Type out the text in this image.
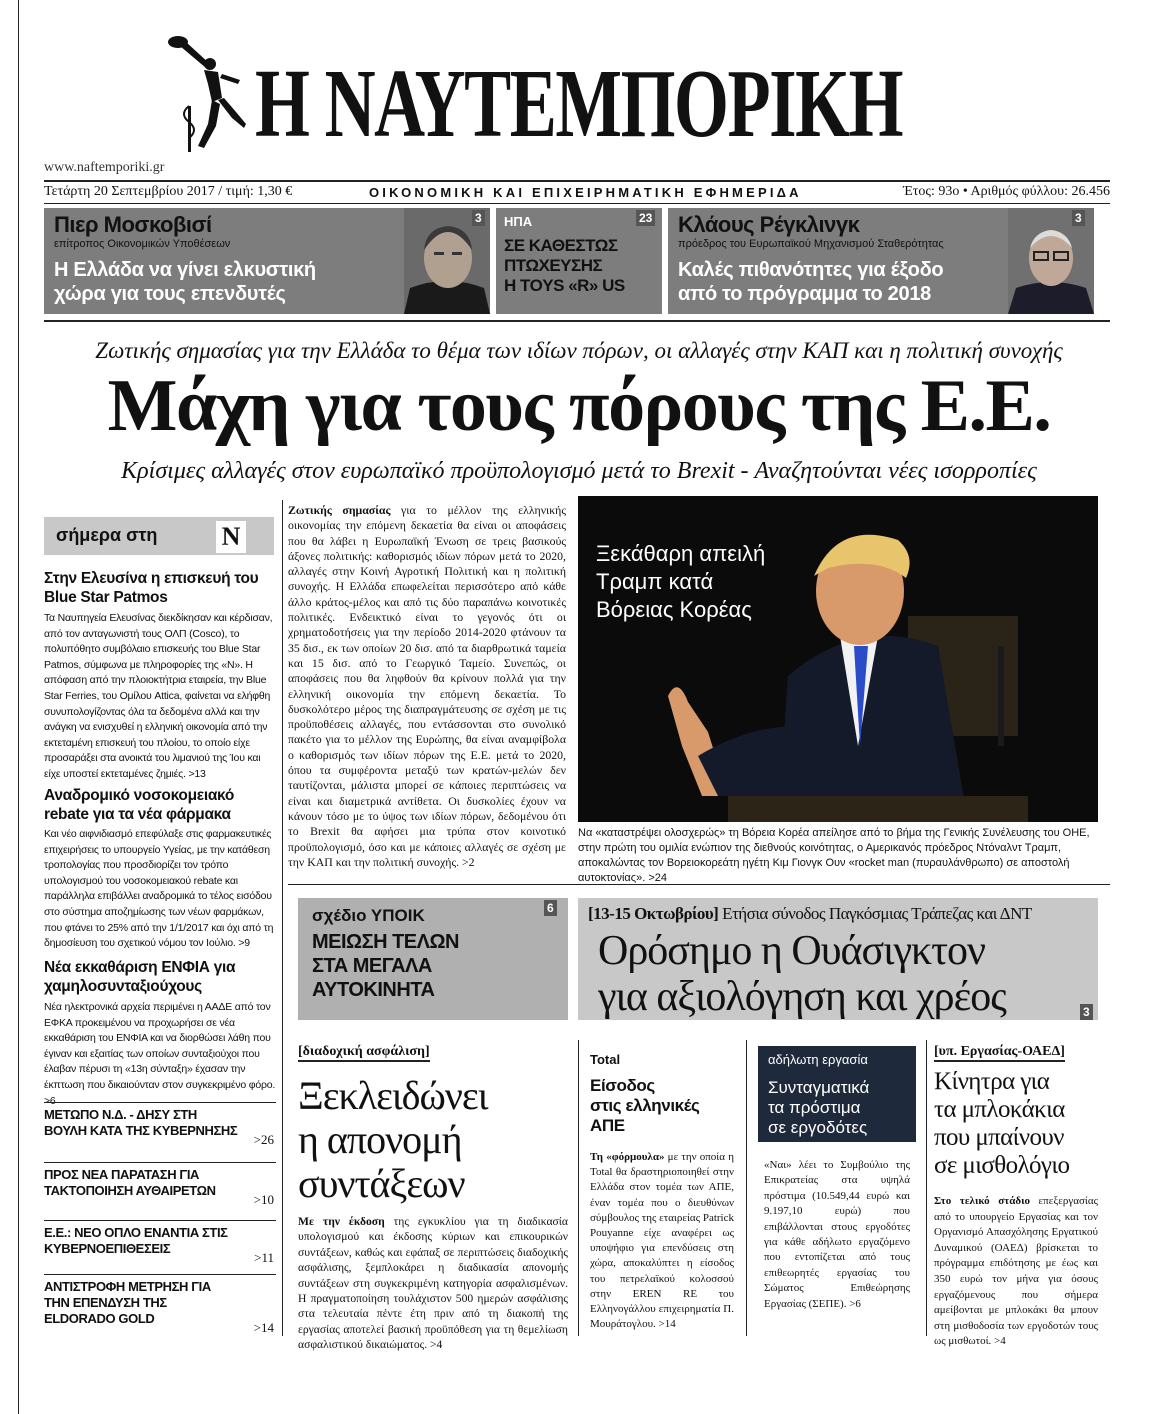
Η ΝΑΥΤΕΜΠΟΡΙΚΗ
www.naftemporiki.gr
Τετάρτη 20 Σεπτεμβρίου 2017 / τιμή: 1,30 €	ΟΙΚΟΝΟΜΙΚΗ ΚΑΙ ΕΠΙΧΕΙΡΗΜΑΤΙΚΗ ΕΦΗΜΕΡΙΔΑ	Έτος: 93ο • Αριθμός φύλλου: 26.456
Πιερ Μοσκοβισί
επίτροπος Οικονομικών Υποθέσεων
Η Ελλάδα να γίνει ελκυστική
χώρα για τους επενδυτές
3 ΗΠΑ
ΣΕ ΚΑΘΕΣΤΩΣ
ΠΤΩΧΕΥΣΗΣ
Η TOYS «R» US
23 Κλάους Ρέγκλινγκ
πρόεδρος του Ευρωπαϊκού Μηχανισμού Σταθερότητας
Καλές πιθανότητες για έξοδο
από το πρόγραμμα το 2018
3
Ζωτικής σημασίας για την Ελλάδα το θέμα των ιδίων πόρων, οι αλλαγές στην ΚΑΠ και η πολιτική συνοχής
Μάχη για τους πόρους της Ε.Ε.
Κρίσιμες αλλαγές στον ευρωπαϊκό προϋπολογισμό μετά το Brexit - Αναζητούνται νέες ισορροπίες
σήμερα στη Ν
Στην Ελευσίνα η επισκευή του Blue Star Patmos
Τα Ναυπηγεία Ελευσίνας διεκδίκησαν και κέρδισαν, από τον ανταγωνιστή τους ΟΛΠ (Cosco), το πολυπόθητο συμβόλαιο επισκευής του Blue Star Patmos, σύμφωνα με πληροφορίες της «Ν». Η απόφαση από την πλοιοκτήτρια εταιρεία, την Blue Star Ferries, του Ομίλου Attica, φαίνεται να ελήφθη συνυπολογίζοντας όλα τα δεδομένα αλλά και την ανάγκη να ενισχυθεί η ελληνική οικονομία από την εκτεταμένη επισκευή του πλοίου, το οποίο είχε προσαράξει στα ανοικτά του λιμανιού της Ίου και είχε υποστεί εκτεταμένες ζημιές. >13
Αναδρομικό νοσοκομειακό rebate για τα νέα φάρμακα
Και νέο αιφνιδιασμό επεφύλαξε στις φαρμακευτικές επιχειρήσεις το υπουργείο Υγείας, με την κατάθεση τροπολογίας που προσδιορίζει τον τρόπο υπολογισμού του νοσοκομειακού rebate και παράλληλα επιβάλλει αναδρομικά το τέλος εισόδου στο σύστημα αποζημίωσης των νέων φαρμάκων, που φτάνει το 25% από την 1/1/2017 και όχι από τη δημοσίευση του σχετικού νόμου τον Ιούλιο. >9
Νέα εκκαθάριση ΕΝΦΙΑ για χαμηλοσυνταξιούχους
Νέα ηλεκτρονικά αρχεία περιμένει η ΑΑΔΕ από τον ΕΦΚΑ προκειμένου να προχωρήσει σε νέα εκκαθάριση του ΕΝΦΙΑ και να διορθώσει λάθη που έγιναν και εξαιτίας των οποίων συνταξιούχοι που έλαβαν πέρυσι τη «13η σύνταξη» έχασαν την έκπτωση που δικαιούνταν στον συγκεκριμένο φόρο. >6
ΜΕΤΩΠΟ Ν.Δ. - ΔΗΣΥ ΣΤΗ ΒΟΥΛΗ ΚΑΤΑ ΤΗΣ ΚΥΒΕΡΝΗΣΗΣ
>26
ΠΡΟΣ ΝΕΑ ΠΑΡΑΤΑΣΗ ΓΙΑ ΤΑΚΤΟΠΟΙΗΣΗ ΑΥΘΑΙΡΕΤΩΝ
>10
Ε.Ε.: ΝΕΟ ΟΠΛΟ ΕΝΑΝΤΙΑ ΣΤΙΣ ΚΥΒΕΡΝΟΕΠΙΘΕΣΕΙΣ
>11
ΑΝΤΙΣΤΡΟΦΗ ΜΕΤΡΗΣΗ ΓΙΑ ΤΗΝ ΕΠΕΝΔΥΣΗ ΤΗΣ ELDORADO GOLD
>14
Ζωτικής σημασίας για το μέλλον της ελληνικής οικονομίας την επόμενη δεκαετία θα είναι οι αποφάσεις που θα λάβει η Ευρωπαϊκή Ένωση σε τρεις βασικούς άξονες πολιτικής: καθορισμός ιδίων πόρων μετά το 2020, αλλαγές στην Κοινή Αγροτική Πολιτική και η πολιτική συνοχής. Η Ελλάδα επωφελείται περισσότερο από κάθε άλλο κράτος-μέλος και από τις δύο παραπάνω κοινοτικές πολιτικές. Ενδεικτικό είναι το γεγονός ότι οι χρηματοδοτήσεις για την περίοδο 2014-2020 φτάνουν τα 35 δισ., εκ των οποίων 20 δισ. από τα διαρθρωτικά ταμεία και 15 δισ. από το Γεωργικό Ταμείο. Συνεπώς, οι αποφάσεις που θα ληφθούν θα κρίνουν πολλά για την ελληνική οικονομία την επόμενη δεκαετία. Το δυσκολότερο μέρος της διαπραγμάτευσης σε σχέση με τις προϋποθέσεις αλλαγές, που εντάσσονται στο συνολικό πακέτο για το μέλλον της Ευρώπης, θα είναι αναμφίβολα ο καθορισμός των ιδίων πόρων της Ε.Ε. μετά το 2020, όπου τα συμφέροντα μεταξύ των κρατών-μελών δεν ταυτίζονται, μάλιστα μπορεί σε κάποιες περιπτώσεις να είναι και διαμετρικά αντίθετα. Οι δυσκολίες έχουν να κάνουν τόσο με το ύψος των ιδίων πόρων, δεδομένου ότι το Brexit θα αφήσει μια τρύπα στον κοινοτικό προϋπολογισμό, όσο και με κάποιες αλλαγές σε σχέση με την ΚΑΠ και την πολιτική συνοχής. >2
Ξεκάθαρη απειλή
Τραμπ κατά
Βόρειας Κορέας
Να «καταστρέψει ολοσχερώς» τη Βόρεια Κορέα απείλησε από το βήμα της Γενικής Συνέλευσης του ΟΗΕ, στην πρώτη του ομιλία ενώπιον της διεθνούς κοινότητας, ο Αμερικανός πρόεδρος Ντόναλντ Τραμπ, αποκαλώντας τον Βορειοκορεάτη ηγέτη Κιμ Γιονγκ Ουν «rocket man (πυραυλάνθρωπο) σε αποστολή αυτοκτονίας». >24
σχέδιο ΥΠΟΙΚ
ΜΕΙΩΣΗ ΤΕΛΩΝ
ΣΤΑ ΜΕΓΑΛΑ
ΑΥΤΟΚΙΝΗΤΑ
6 [13-15 Οκτωβρίου] Ετήσια σύνοδος Παγκόσμιας Τράπεζας και ΔΝΤ
Ορόσημο η Ουάσιγκτον
για αξιολόγηση και χρέος	3
[διαδοχική ασφάλιση]
Ξεκλειδώνει
η απονομή
συντάξεων
Με την έκδοση της εγκυκλίου για τη διαδικασία υπολογισμού και έκδοσης κύριων και επικουρικών συντάξεων, καθώς και εφάπαξ σε περιπτώσεις διαδοχικής ασφάλισης, ξεμπλοκάρει η διαδικασία απονομής συντάξεων στη συγκεκριμένη κατηγορία ασφαλισμένων. Η πραγματοποίηση τουλάχιστον 500 ημερών ασφάλισης στα τελευταία πέντε έτη πριν από τη διακοπή της εργασίας αποτελεί βασική προϋπόθεση για τη θεμελίωση ασφαλιστικού δικαιώματος. >4
Total
Είσοδος
στις ελληνικές
ΑΠΕ
Τη «φόρμουλα» με την οποία η Total θα δραστηριοποιηθεί στην Ελλάδα στον τομέα των ΑΠΕ, έναν τομέα που ο διευθύνων σύμβουλος της εταιρείας Patrick Pouyanne είχε αναφέρει ως υποψήφιο για επενδύσεις στη χώρα, αποκαλύπτει η είσοδος του πετρελαϊκού κολοσσού στην EREN RE του Ελληνογάλλου επιχειρηματία Π. Μουράτογλου. >14
αδήλωτη εργασία
Συνταγματικά
τα πρόστιμα
σε εργοδότες
«Ναι» λέει το Συμβούλιο της Επικρατείας στα υψηλά πρόστιμα (10.549,44 ευρώ και 9.197,10 ευρώ) που επιβάλλονται στους εργοδότες για κάθε αδήλωτο εργαζόμενο που εντοπίζεται από τους επιθεωρητές εργασίας του Σώματος Επιθεώρησης Εργασίας (ΣΕΠΕ). >6
[υπ. Εργασίας-ΟΑΕΔ]
Κίνητρα για
τα μπλοκάκια
που μπαίνουν
σε μισθολόγιο
Στο τελικό στάδιο επεξεργασίας από το υπουργείο Εργασίας και τον Οργανισμό Απασχόλησης Εργατικού Δυναμικού (ΟΑΕΔ) βρίσκεται το πρόγραμμα επιδότησης με έως και 350 ευρώ τον μήνα για όσους εργαζόμενους που σήμερα αμείβονται με μπλοκάκι θα μπουν στη μισθοδοσία των εργοδοτών τους ως μισθωτοί. >4
